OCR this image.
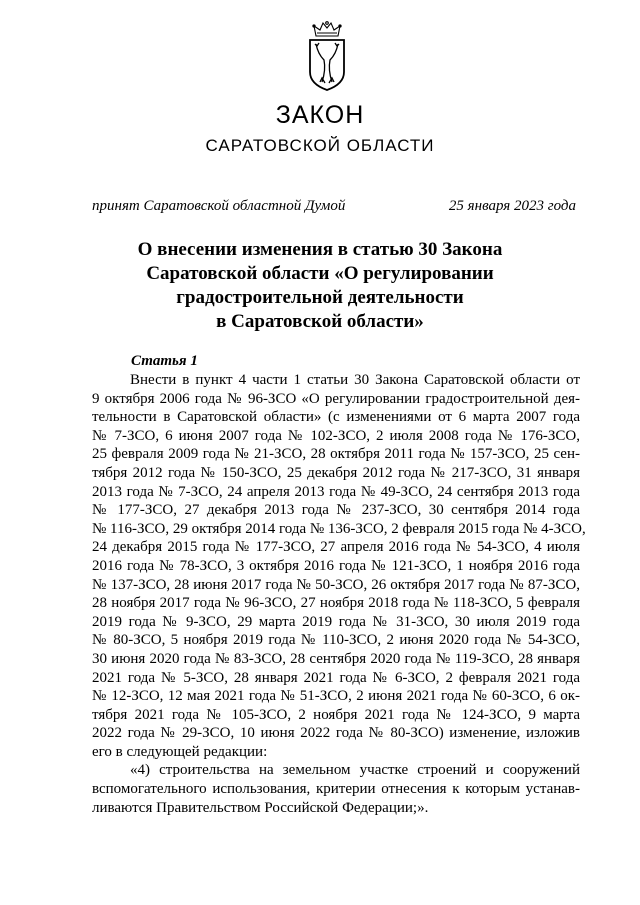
ЗАКОН
САРАТОВСКОЙ ОБЛАСТИ
принят Саратовской областной Думой	25 января 2023 года
О внесении изменения в статью 30 Закона
Саратовской области «О регулировании
градостроительной деятельности
в Саратовской области»
Статья 1
Внести в пункт 4 части 1 статьи 30 Закона Саратовской области от
9 октября 2006 года № 96-ЗСО «О регулировании градостроительной дея-
тельности в Саратовской области» (с изменениями от 6 марта 2007 года
№ 7-ЗСО, 6 июня 2007 года № 102-ЗСО, 2 июля 2008 года № 176-ЗСО,
25 февраля 2009 года № 21-ЗСО, 28 октября 2011 года № 157-ЗСО, 25 сен-
тября 2012 года № 150-ЗСО, 25 декабря 2012 года № 217-ЗСО, 31 января
2013 года № 7-ЗСО, 24 апреля 2013 года № 49-ЗСО, 24 сентября 2013 года
№ 177-ЗСО, 27 декабря 2013 года № 237-ЗСО, 30 сентября 2014 года
№ 116-ЗСО, 29 октября 2014 года № 136-ЗСО, 2 февраля 2015 года № 4-ЗСО,
24 декабря 2015 года № 177-ЗСО, 27 апреля 2016 года № 54-ЗСО, 4 июля
2016 года № 78-ЗСО, 3 октября 2016 года № 121-ЗСО, 1 ноября 2016 года
№ 137-ЗСО, 28 июня 2017 года № 50-ЗСО, 26 октября 2017 года № 87-ЗСО,
28 ноября 2017 года № 96-ЗСО, 27 ноября 2018 года № 118-ЗСО, 5 февраля
2019 года № 9-ЗСО, 29 марта 2019 года № 31-ЗСО, 30 июля 2019 года
№ 80-ЗСО, 5 ноября 2019 года № 110-ЗСО, 2 июня 2020 года № 54-ЗСО,
30 июня 2020 года № 83-ЗСО, 28 сентября 2020 года № 119-ЗСО, 28 января
2021 года № 5-ЗСО, 28 января 2021 года № 6-ЗСО, 2 февраля 2021 года
№ 12-ЗСО, 12 мая 2021 года № 51-ЗСО, 2 июня 2021 года № 60-ЗСО, 6 ок-
тября 2021 года № 105-ЗСО, 2 ноября 2021 года № 124-ЗСО, 9 марта
2022 года № 29-ЗСО, 10 июня 2022 года № 80-ЗСО) изменение, изложив
его в следующей редакции:
«4) строительства на земельном участке строений и сооружений
вспомогательного использования, критерии отнесения к которым устанав-
ливаются Правительством Российской Федерации;».
